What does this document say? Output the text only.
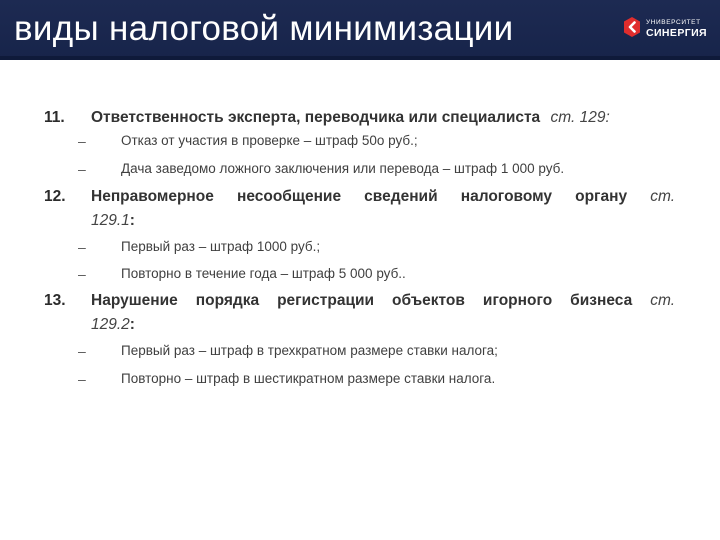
виды налоговой минимизации	УНИВЕРСИТЕТ
СИНЕРГИЯ
11. Ответственность эксперта, переводчика или специалиста ст. 129:
–	Отказ от участия в проверке – штраф 50о руб.;
–	Дача заведомо ложного заключения или перевода – штраф 1 000 руб.
12. Неправомерное несообщение сведений налоговому органу ст.
129.1:
–	Первый раз – штраф 1000 руб.;
–	Повторно в течение года – штраф 5 000 руб..
13. Нарушение порядка регистрации объектов игорного бизнеса ст.
129.2:
–	Первый раз – штраф в трехкратном размере ставки налога;
–	Повторно – штраф в шестикратном размере ставки налога.
